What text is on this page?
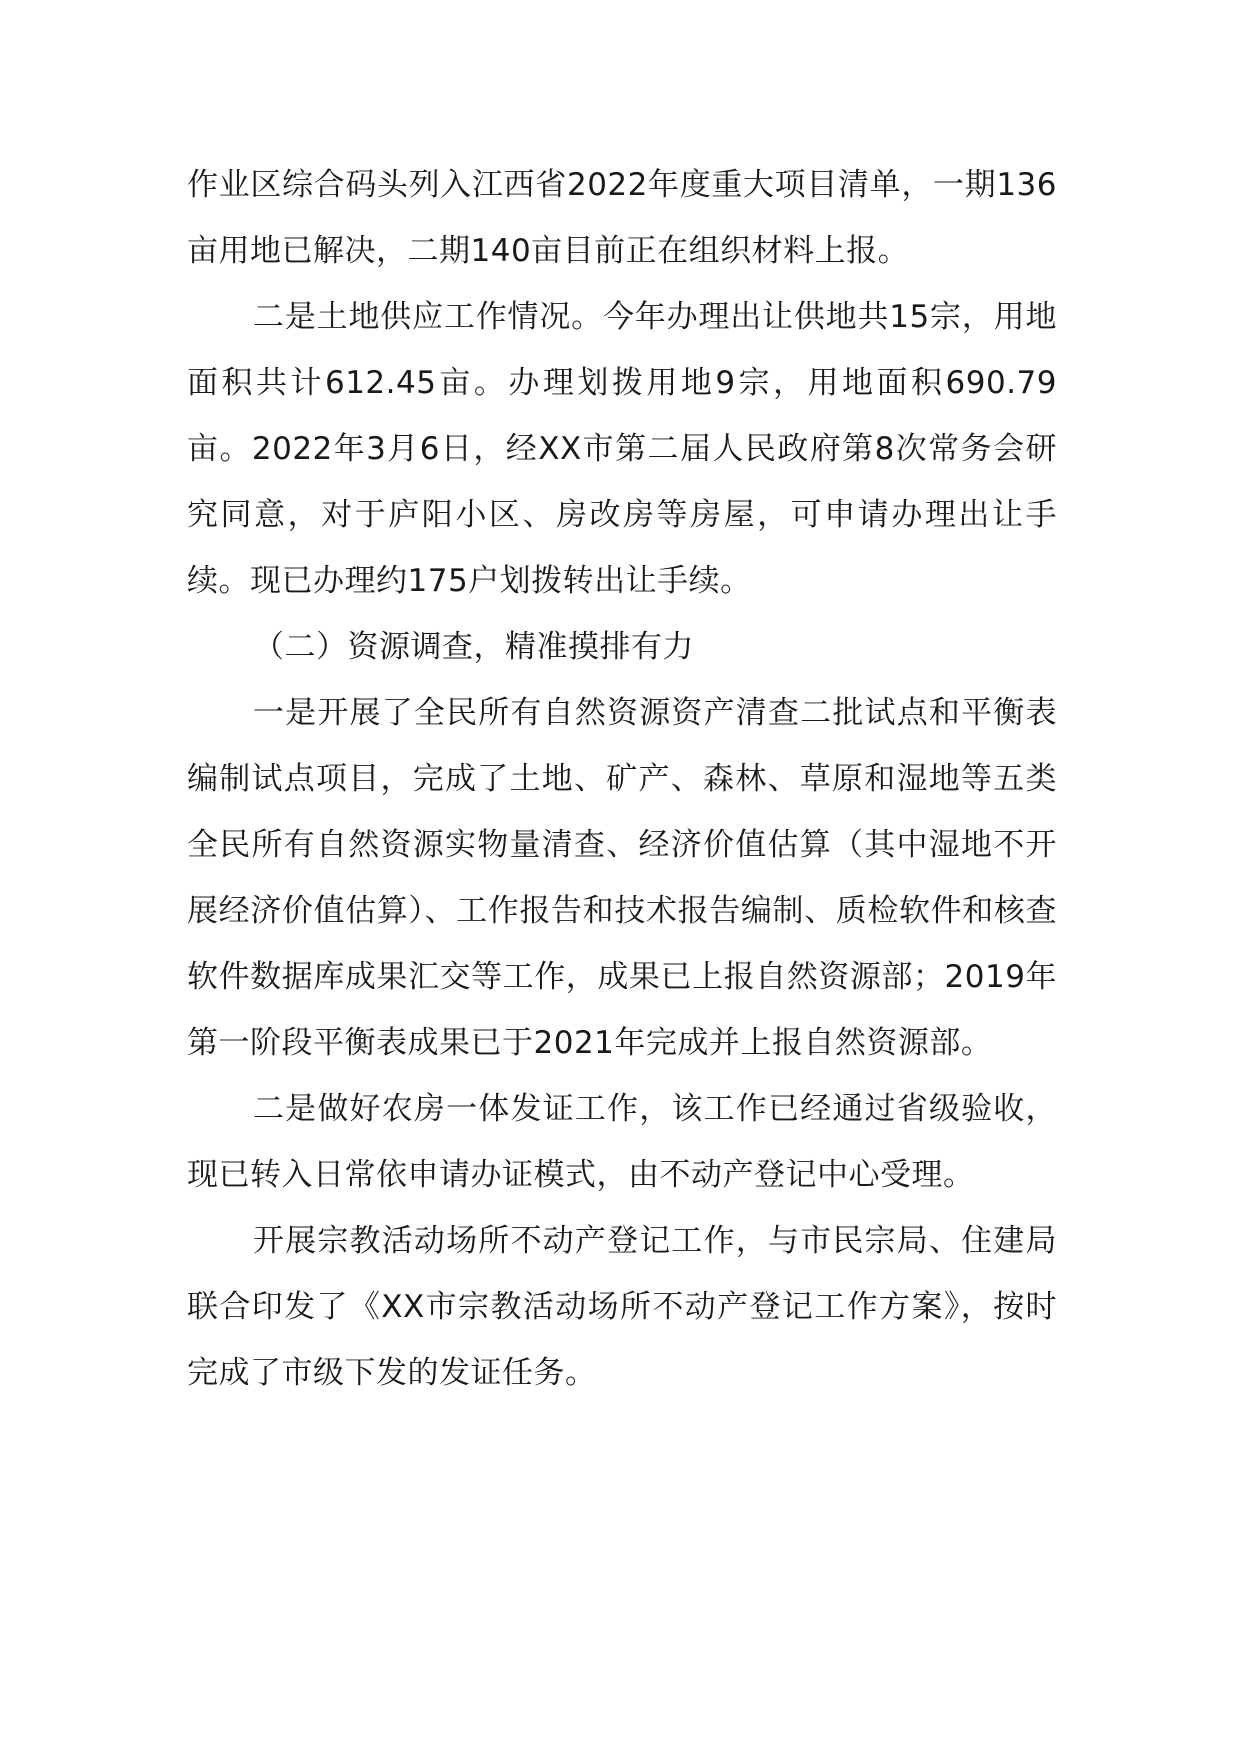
作业区综合码头列入江西省2022年度重大项目清单，一期136亩用地已解决，二期140亩目前正在组织材料上报。

二是土地供应工作情况。今年办理出让供地共15宗，用地面积共计612.45亩。办理划拨用地9宗，用地面积690.79亩。2022年3月6日，经XX市第二届人民政府第8次常务会研究同意，对于庐阳小区、房改房等房屋，可申请办理出让手续。现已办理约175户划拨转出让手续。

（二）资源调查，精准摸排有力

一是开展了全民所有自然资源资产清查二批试点和平衡表编制试点项目，完成了土地、矿产、森林、草原和湿地等五类全民所有自然资源实物量清查、经济价值估算（其中湿地不开展经济价值估算）、工作报告和技术报告编制、质检软件和核查软件数据库成果汇交等工作，成果已上报自然资源部；2019年第一阶段平衡表成果已于2021年完成并上报自然资源部。

二是做好农房一体发证工作，该工作已经通过省级验收，现已转入日常依申请办证模式，由不动产登记中心受理。

开展宗教活动场所不动产登记工作，与市民宗局、住建局联合印发了《XX市宗教活动场所不动产登记工作方案》，按时完成了市级下发的发证任务。
